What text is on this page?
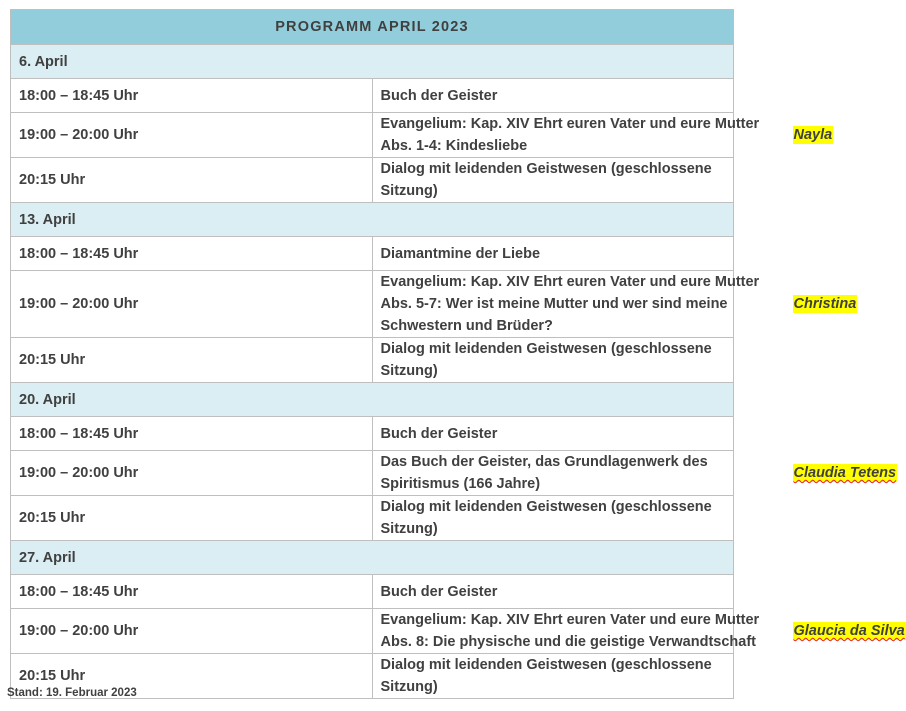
PROGRAMM APRIL 2023	
6. April	
18:00 – 18:45 Uhr	Buch der Geister
19:00 – 20:00 Uhr	Evangelium: Kap. XIV Ehrt euren Vater und eure Mutter Abs. 1-4: Kindesliebe
Nayla

20:15 Uhr	Dialog mit leidenden Geistwesen (geschlossene Sitzung)
13. April	
18:00 – 18:45 Uhr	Diamantmine der Liebe
19:00 – 20:00 Uhr	Evangelium: Kap. XIV Ehrt euren Vater und eure Mutter Abs. 5-7: Wer ist meine Mutter und wer sind meine Schwestern und Brüder?
Christina

20:15 Uhr	Dialog mit leidenden Geistwesen (geschlossene Sitzung)
20. April	
18:00 – 18:45 Uhr	Buch der Geister
19:00 – 20:00 Uhr	Das Buch der Geister, das Grundlagenwerk des Spiritismus (166 Jahre)
Claudia Tetens

20:15 Uhr	Dialog mit leidenden Geistwesen (geschlossene Sitzung)
27. April	
18:00 – 18:45 Uhr	Buch der Geister
19:00 – 20:00 Uhr	Evangelium: Kap. XIV Ehrt euren Vater und eure Mutter Abs. 8: Die physische und die geistige Verwandtschaft
Glaucia da Silva

20:15 Uhr	Dialog mit leidenden Geistwesen (geschlossene Sitzung)
Stand: 19. Februar 2023
